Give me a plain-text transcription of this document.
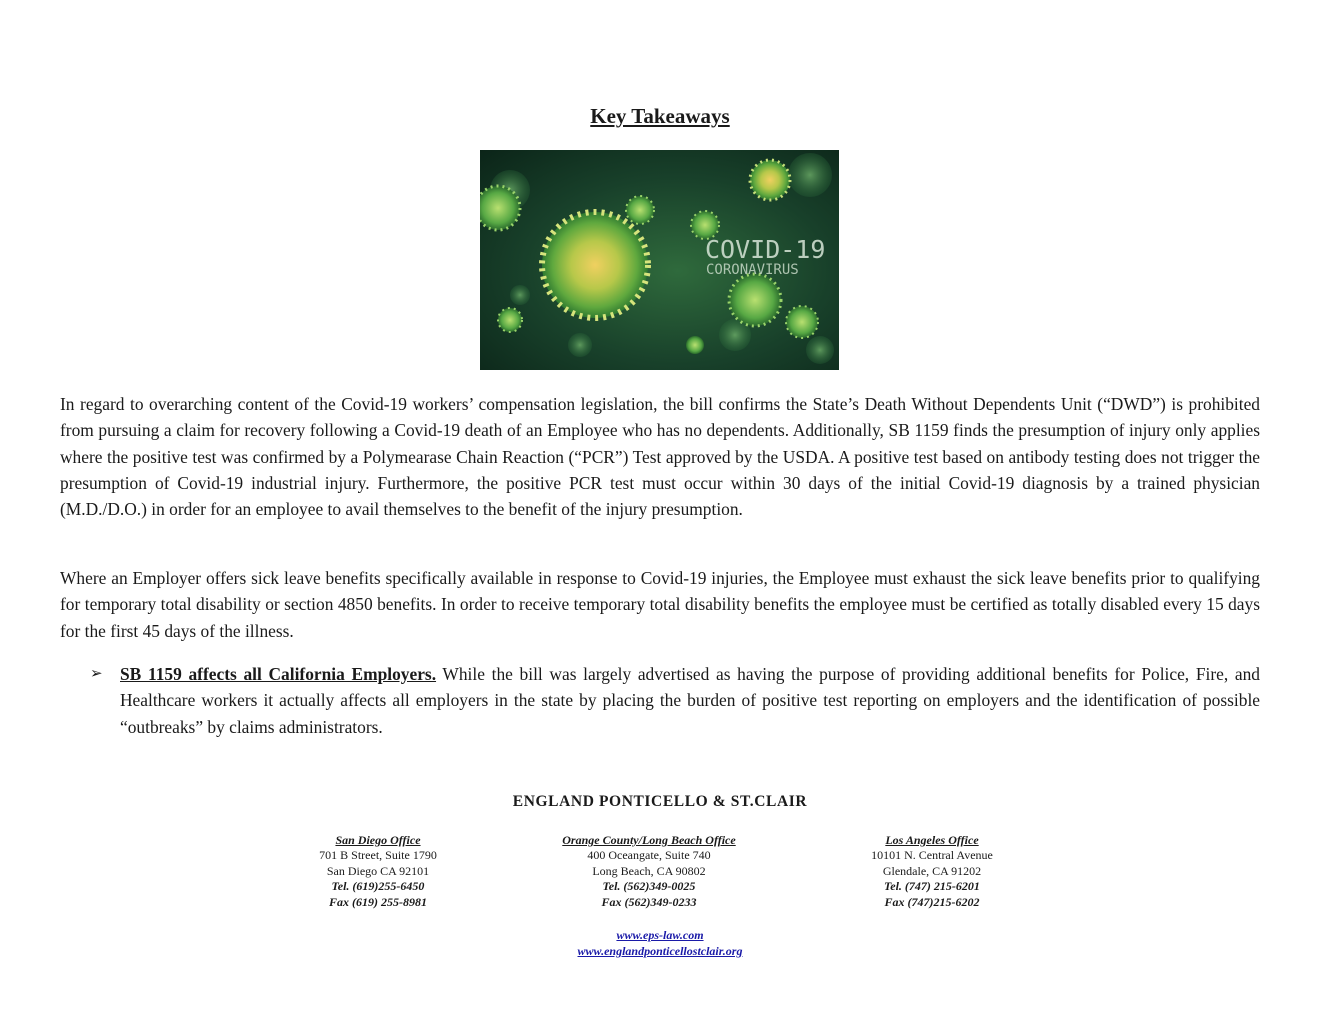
Key Takeaways
COVID-19
CORONAVIRUS

In regard to overarching content of the Covid-19 workers’ compensation legislation, the bill confirms the State’s Death Without Dependents Unit (“DWD”) is prohibited from pursuing a claim for recovery following a Covid-19 death of an Employee who has no dependents. Additionally, SB 1159 finds the presumption of injury only applies where the positive test was confirmed by a Polymearase Chain Reaction (“PCR”) Test approved by the USDA. A positive test based on antibody testing does not trigger the presumption of Covid-19 industrial injury. Furthermore, the positive PCR test must occur within 30 days of the initial Covid-19 diagnosis by a trained physician (M.D./D.O.) in order for an employee to avail themselves to the benefit of the injury presumption.

Where an Employer offers sick leave benefits specifically available in response to Covid-19 injuries, the Employee must exhaust the sick leave benefits prior to qualifying for temporary total disability or section 4850 benefits. In order to receive temporary total disability benefits the employee must be certified as totally disabled every 15 days for the first 45 days of the illness.

➢ SB 1159 affects all California Employers. While the bill was largely advertised as having the purpose of providing additional benefits for Police, Fire, and Healthcare workers it actually affects all employers in the state by placing the burden of positive test reporting on employers and the identification of possible “outbreaks” by claims administrators.
ENGLAND PONTICELLO & ST.CLAIR
San Diego Office
701 B Street, Suite 1790
San Diego CA 92101
Tel. (619)255-6450
Fax (619) 255-8981
Orange County/Long Beach Office
400 Oceangate, Suite 740
Long Beach, CA 90802
Tel. (562)349-0025
Fax (562)349-0233
Los Angeles Office
10101 N. Central Avenue
Glendale, CA 91202
Tel. (747) 215-6201
Fax (747)215-6202
www.eps-law.com
www.englandponticellostclair.org
